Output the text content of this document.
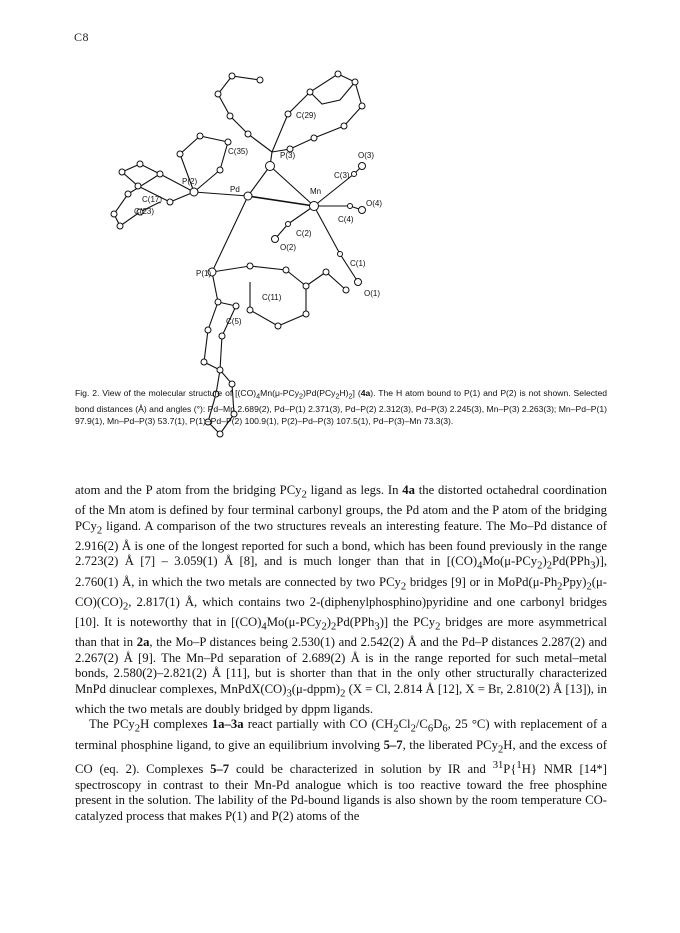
C8
C(29)
C(35)	P(3)	O(3)
C(3)
C(17)
P(2)
C(23)
Pd	Mn
O(4)
C(4)
C(2)
O(2)
C(1)
P(1)
C(11)	O(1)
C(5)
Fig. 2. View of the molecular structure of $[(CO)_4Mn(\mu-PCy_2)Pd(PCy_2H)_2]$ (4a). The H atom bound to P(1) and P(2) is not shown. Selected bond distances (Å) and angles (°): Pd–Mn 2.689(2), Pd–P(1) 2.371(3), Pd–P(2) 2.312(3), Pd–P(3) 2.245(3), Mn–P(3) 2.263(3); Mn–Pd–P(1) 97.9(1), Mn–Pd–P(3) 53.7(1), P(1)–Pd–P(2) 100.9(1), P(2)–Pd–P(3) 107.5(1), Pd–P(3)–Mn 73.3(3).

atom and the P atom from the bridging PCy$_2$ ligand as legs. In 4a the distorted octahedral coordination of the Mn atom is defined by four terminal carbonyl groups, the Pd atom and the P atom of the bridging PCy$_2$ ligand. A comparison of the two structures reveals an interesting feature. The Mo–Pd distance of 2.916(2) Å is one of the longest reported for such a bond, which has been found previously in the range 2.723(2) Å [7] – 3.059(1) Å [8], and is much longer than that in $[(CO)_4Mo(\mu-PCy_2)_2Pd(PPh_3)]$, 2.760(1) Å, in which the two metals are connected by two PCy$_2$ bridges [9] or in $MoPd(\mu-Ph_2Ppy)_2(\mu-CO)(CO)_2$, 2.817(1) Å, which contains two 2-(diphenylphosphino)pyridine and one carbonyl bridges [10]. It is noteworthy that in $[(CO)_4Mo(\mu-PCy_2)_2Pd(PPh_3)]$ the PCy$_2$ bridges are more asymmetrical than that in 2a, the Mo–P distances being 2.530(1) and 2.542(2) Å and the Pd–P distances 2.287(2) and 2.267(2) Å [9]. The Mn–Pd separation of 2.689(2) Å is in the range reported for such metal–metal bonds, 2.580(2)–2.821(2) Å [11], but is shorter than that in the only other structurally characterized MnPd dinuclear complexes, $MnPdX(CO)_3(\mu-dppm)_2$ (X = Cl, 2.814 Å [12], X = Br, 2.810(2) Å [13]), in which the two metals are doubly bridged by dppm ligands.

The PCy$_2$H complexes 1a–3a react partially with CO ($CH_2Cl_2/C_6D_6$, 25 °C) with replacement of a terminal phosphine ligand, to give an equilibrium involving 5–7, the liberated PCy$_2$H, and the excess of CO (eq. 2). Complexes 5–7 could be characterized in solution by IR and $^{31}$P{$^1$H} NMR [14*] spectroscopy in contrast to their Mn-Pd analogue which is too reactive toward the free phosphine present in the solution. The lability of the Pd-bound ligands is also shown by the room temperature CO-catalyzed process that makes P(1) and P(2) atoms of the
